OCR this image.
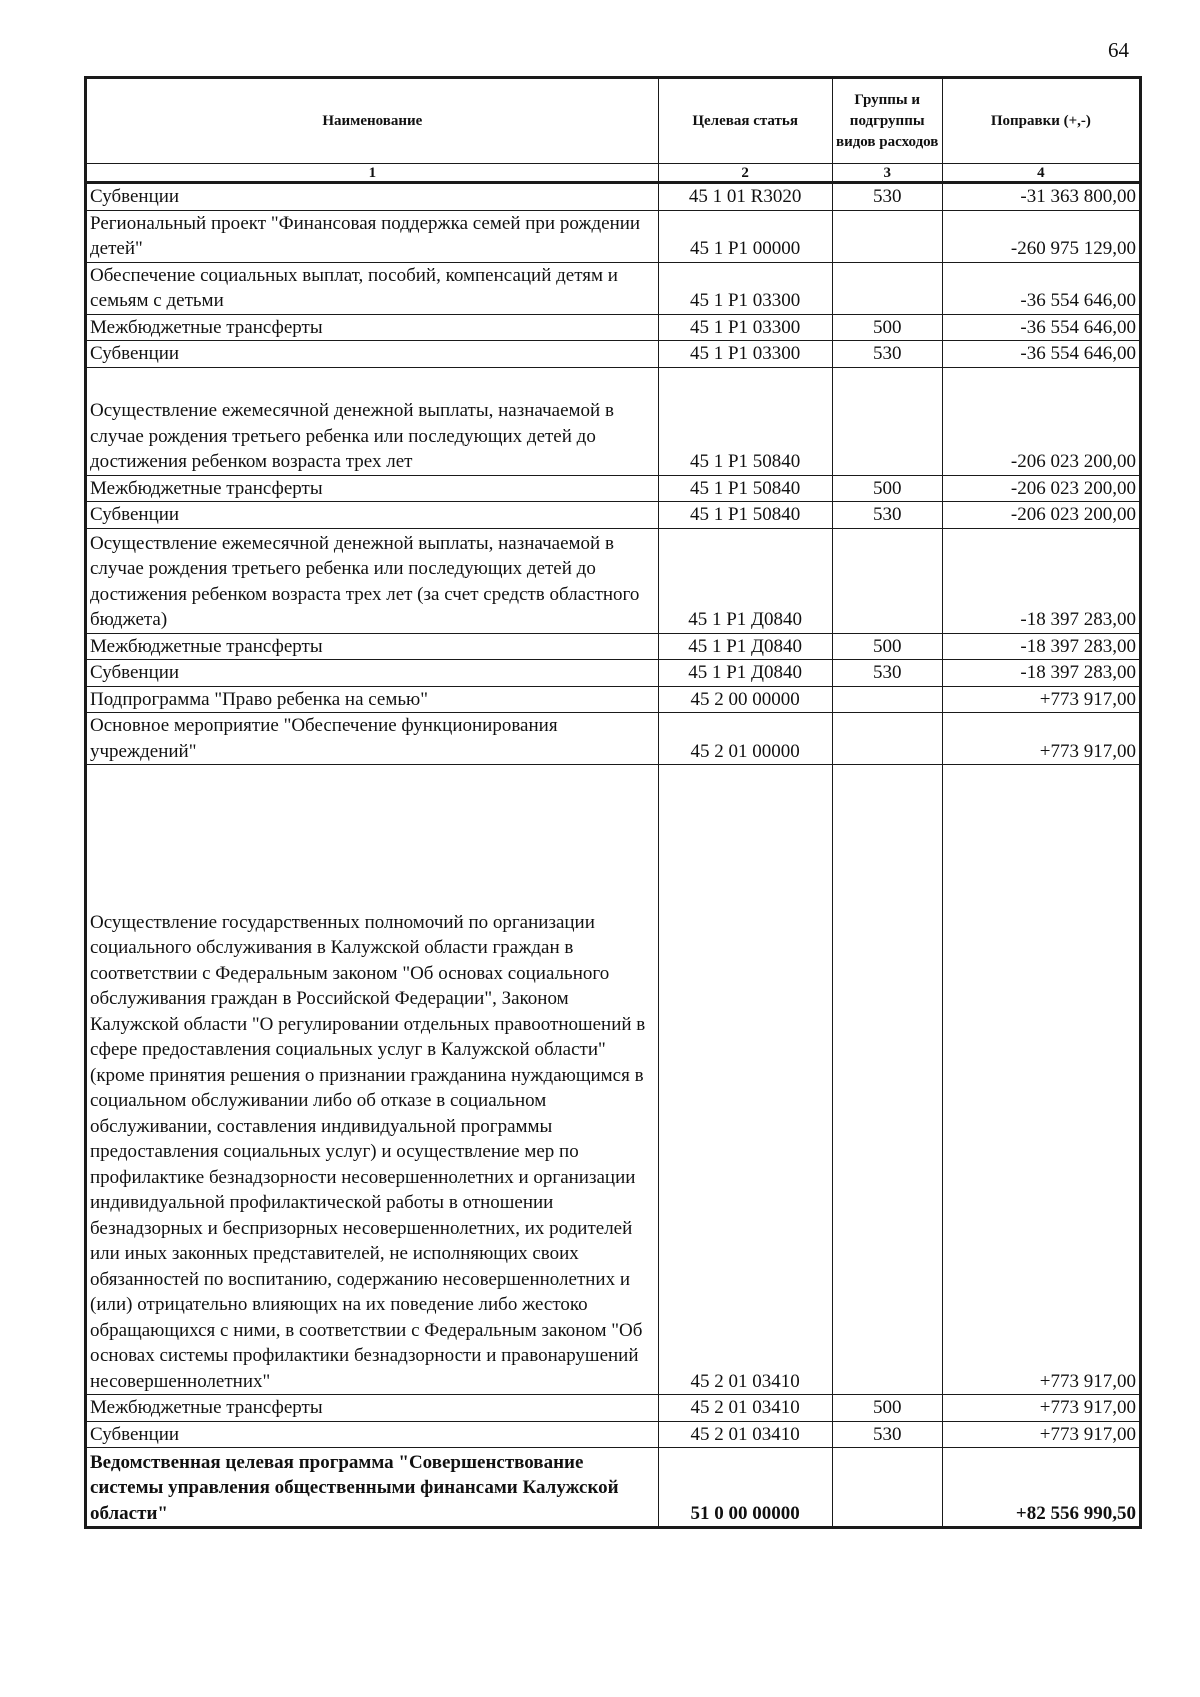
64
Наименование	Целевая статья	Группы и подгруппы видов расходов	Поправки (+,-)
1	2	3	4
Субвенции	45 1 01 R3020	530	-31 363 800,00
Региональный проект "Финансовая поддержка семей при рождении детей"	45 1 P1 00000		-260 975 129,00
Обеспечение социальных выплат, пособий, компенсаций детям и семьям с детьми	45 1 P1 03300		-36 554 646,00
Межбюджетные трансферты	45 1 P1 03300	500	-36 554 646,00
Субвенции	45 1 P1 03300	530	-36 554 646,00
Осуществление ежемесячной денежной выплаты, назначаемой в случае рождения третьего ребенка или последующих детей до достижения ребенком возраста трех лет	45 1 P1 50840		-206 023 200,00
Межбюджетные трансферты	45 1 P1 50840	500	-206 023 200,00
Субвенции	45 1 P1 50840	530	-206 023 200,00
Осуществление ежемесячной денежной выплаты, назначаемой в случае рождения третьего ребенка или последующих детей до достижения ребенком возраста трех лет (за счет средств областного бюджета)	45 1 P1 Д0840		-18 397 283,00
Межбюджетные трансферты	45 1 P1 Д0840	500	-18 397 283,00
Субвенции	45 1 P1 Д0840	530	-18 397 283,00
Подпрограмма "Право ребенка на семью"	45 2 00 00000		+773 917,00
Основное мероприятие "Обеспечение функционирования учреждений"	45 2 01 00000		+773 917,00
Осуществление государственных полномочий по организации социального обслуживания в Калужской области граждан в соответствии с Федеральным законом "Об основах социального обслуживания граждан в Российской Федерации", Законом Калужской области "О регулировании отдельных правоотношений в сфере предоставления социальных услуг в Калужской области" (кроме принятия решения о признании гражданина нуждающимся в социальном обслуживании либо об отказе в социальном обслуживании, составления индивидуальной программы предоставления социальных услуг) и осуществление мер по профилактике безнадзорности несовершеннолетних и организации индивидуальной профилактической работы в отношении безнадзорных и беспризорных несовершеннолетних, их родителей или иных законных представителей, не исполняющих своих обязанностей по воспитанию, содержанию несовершеннолетних и (или) отрицательно влияющих на их поведение либо жестоко обращающихся с ними, в соответствии с Федеральным законом "Об основах системы профилактики безнадзорности и правонарушений несовершеннолетних"	45 2 01 03410		+773 917,00
Межбюджетные трансферты	45 2 01 03410	500	+773 917,00
Субвенции	45 2 01 03410	530	+773 917,00
Ведомственная целевая программа "Совершенствование системы управления общественными финансами Калужской области"	51 0 00 00000		+82 556 990,50
